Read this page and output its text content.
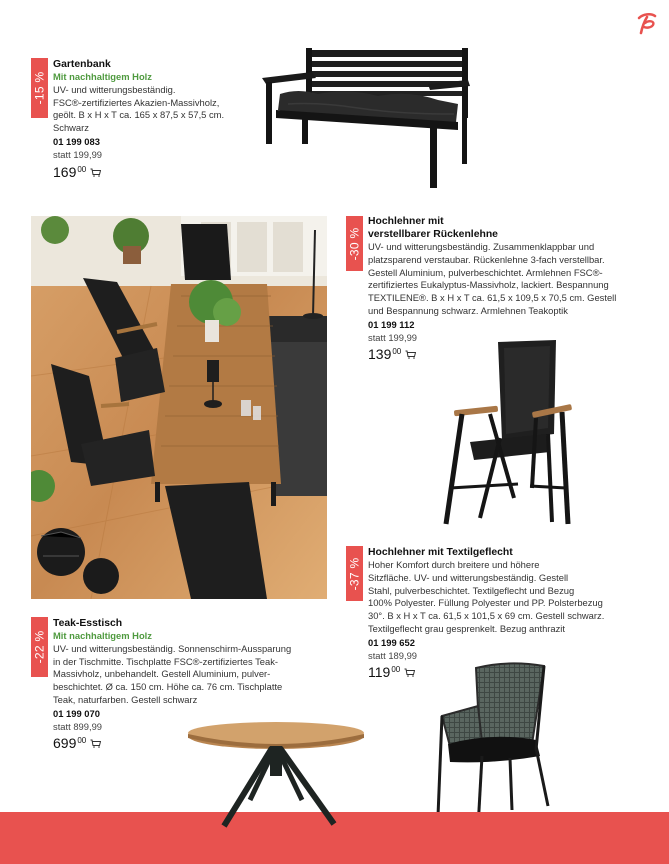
-15 %
Gartenbank
Mit nachhaltigem Holz
UV- und witterungsbeständig.
FSC®-zertifiziertes Akazien-Massivholz,
geölt. B x H x T ca. 165 x 87,5 x 57,5 cm.
Schwarz
01 199 083
statt 199,99
169 00
-30 %
Hochlehner mit
verstellbarer Rückenlehne
UV- und witterungsbeständig. Zusammenklappbar und
platzsparend verstaubar. Rückenlehne 3-fach verstellbar.
Gestell Aluminium, pulverbeschichtet. Armlehnen FSC®-
zertifiziertes Eukalyptus-Massivholz, lackiert. Bespannung
TEXTILENE®. B x H x T ca. 61,5 x 109,5 x 70,5 cm. Gestell
und Bespannung schwarz. Armlehnen Teakoptik
01 199 112
statt 199,99
139 00
-37 %
Hochlehner mit Textilgeflecht
Hoher Komfort durch breitere und höhere
Sitzfläche. UV- und witterungsbeständig. Gestell
Stahl, pulverbeschichtet. Textilgeflecht und Bezug
100% Polyester. Füllung Polyester und PP. Polsterbezug
30°. B x H x T ca. 61,5 x 101,5 x 69 cm. Gestell schwarz.
Textilgeflecht grau gesprenkelt. Bezug anthrazit
01 199 652
statt 189,99
119 00
-22 %
Teak-Esstisch
Mit nachhaltigem Holz
UV- und witterungsbeständig. Sonnenschirm-Aussparung
in der Tischmitte. Tischplatte FSC®-zertifiziertes Teak-
Massivholz, unbehandelt. Gestell Aluminium, pulver-
beschichtet. Ø ca. 150 cm. Höhe ca. 76 cm. Tischplatte
Teak, naturfarben. Gestell schwarz
01 199 070
statt 899,99
699 00
